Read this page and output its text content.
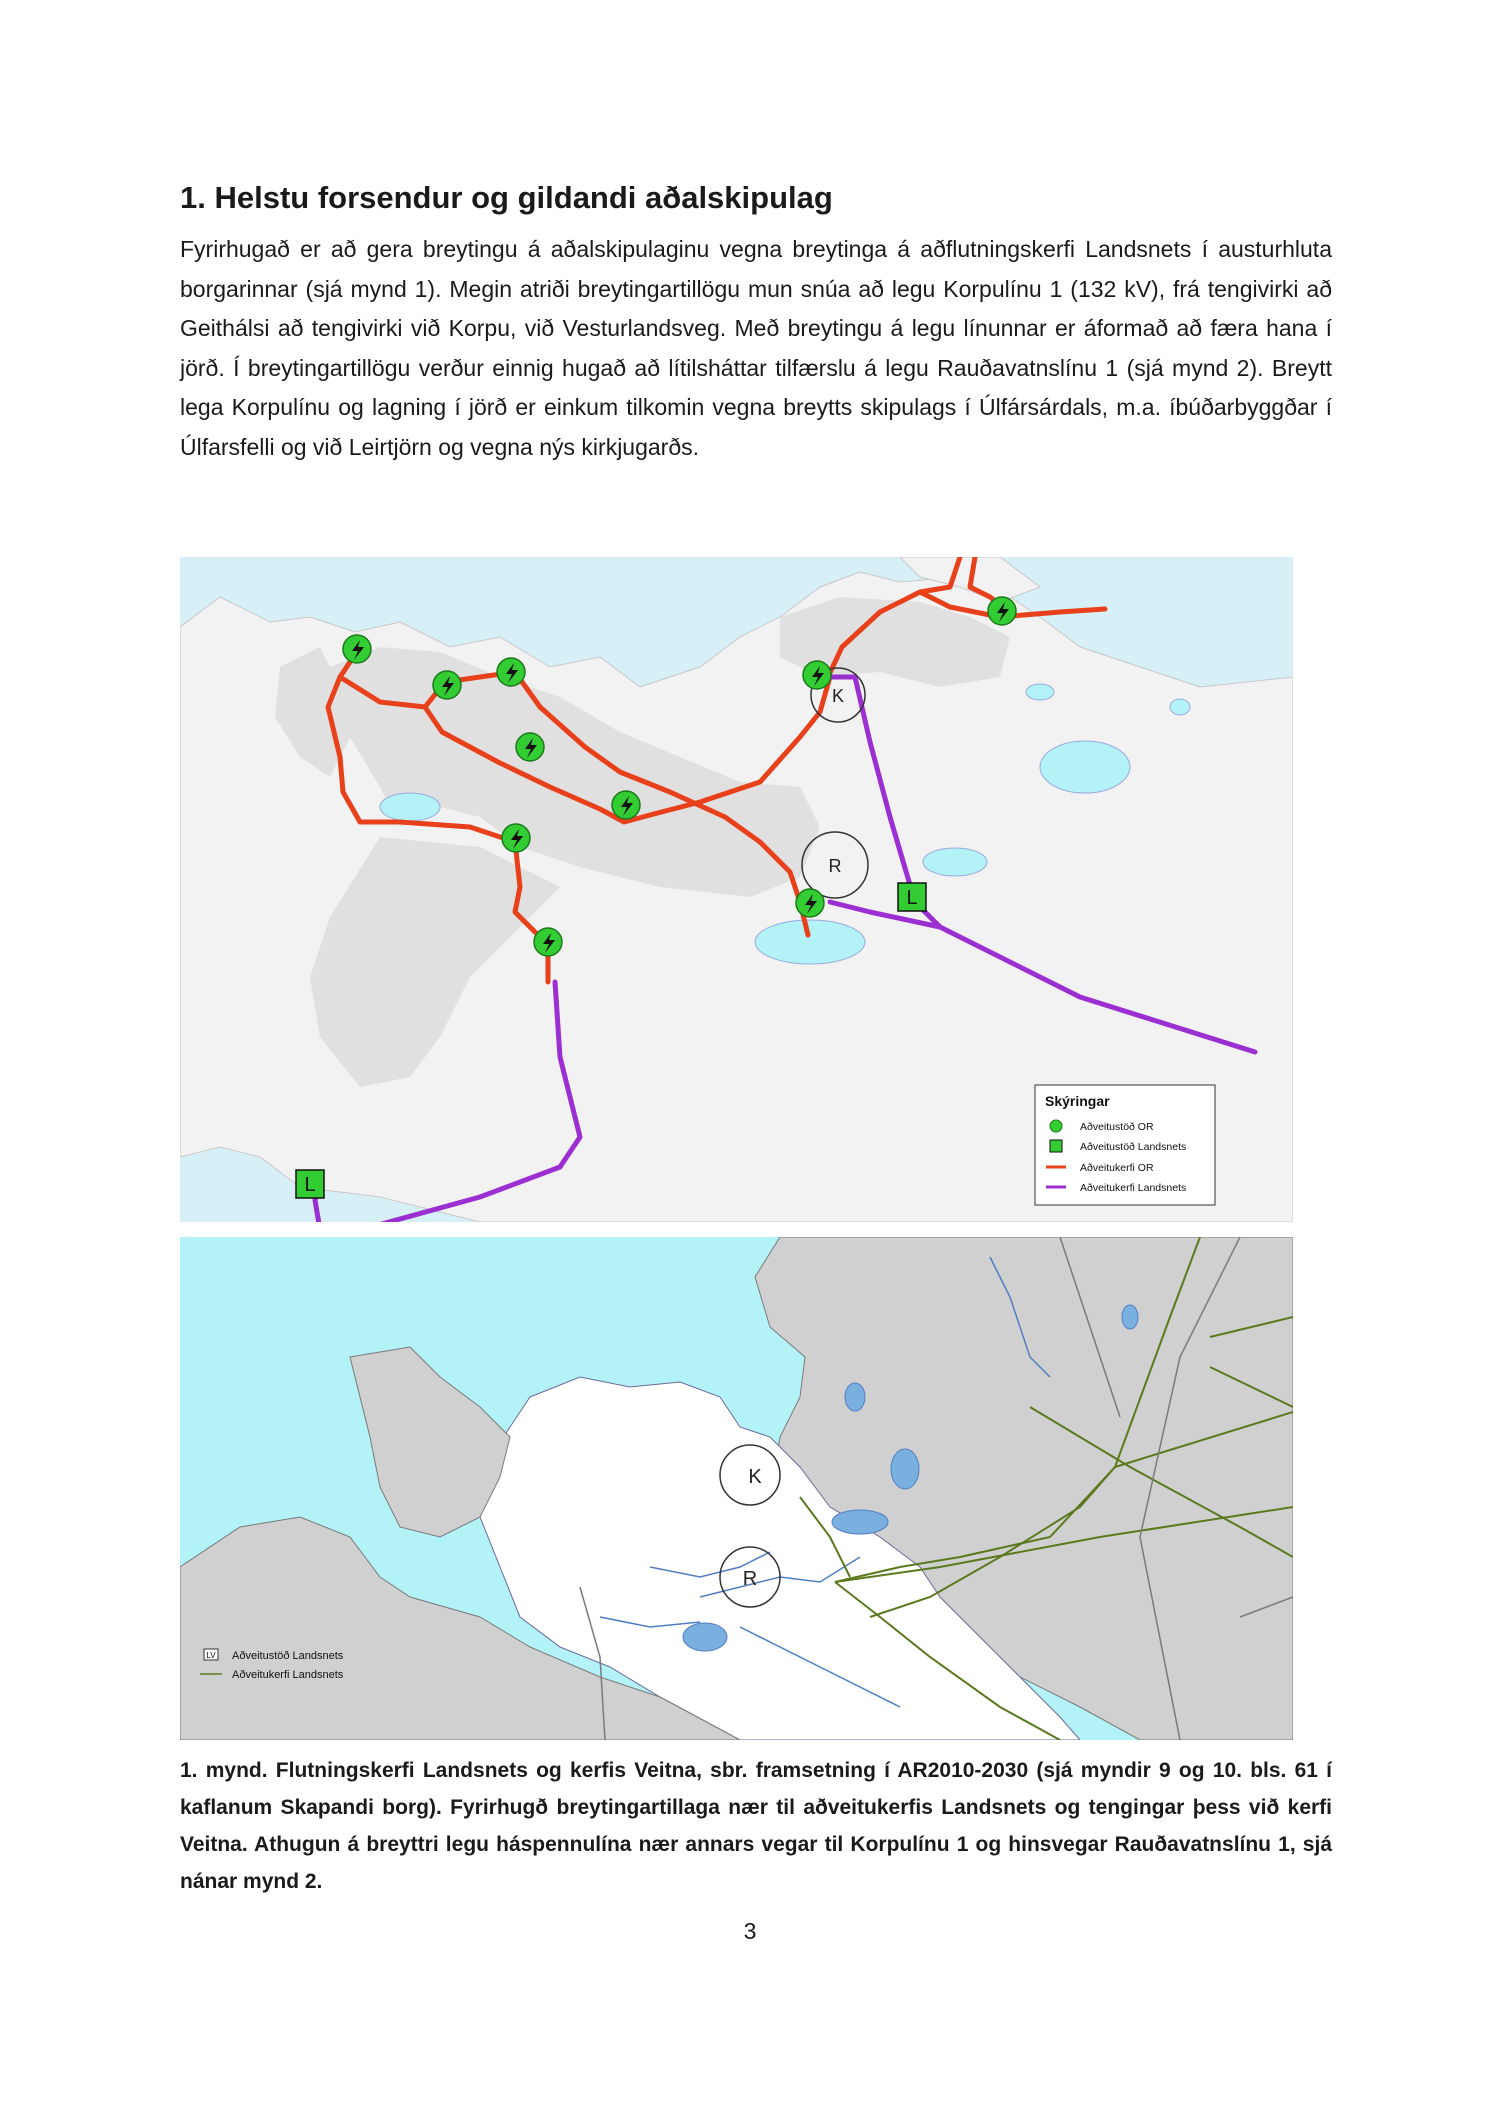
1. Helstu forsendur og gildandi aðalskipulag

Fyrirhugað er að gera breytingu á aðalskipulaginu vegna breytinga á aðflutningskerfi Landsnets í austurhluta borgarinnar (sjá mynd 1). Megin atriði breytingartillögu mun snúa að legu Korpulínu 1 (132 kV), frá tengivirki að Geithálsi að tengivirki við Korpu, við Vesturlandsveg. Með breytingu á legu línunnar er áformað að færa hana í jörð. Í breytingartillögu verður einnig hugað að lítilsháttar tilfærslu á legu Rauðavatnslínu 1 (sjá mynd 2). Breytt lega Korpulínu og lagning í jörð er einkum tilkomin vegna breytts skipulags í Úlfársárdals, m.a. íbúðarbyggðar í Úlfarsfelli og við Leirtjörn og vegna nýs kirkjugarðs.

K
R
L
L
Skýringar
Aðveitustöð OR
Aðveitustöð Landsnets
Aðveitukerfi OR
Aðveitukerfi Landsnets
K
R
LV Aðveitustöð Landsnets
Aðveitukerfi Landsnets

1. mynd. Flutningskerfi Landsnets og kerfis Veitna, sbr. framsetning í AR2010-2030 (sjá myndir 9 og 10. bls. 61 í kaflanum Skapandi borg). Fyrirhugð breytingartillaga nær til aðveitukerfis Landsnets og tengingar þess við kerfi Veitna. Athugun á breyttri legu háspennulína nær annars vegar til Korpulínu 1 og hinsvegar Rauðavatnslínu 1, sjá nánar mynd 2.

3
